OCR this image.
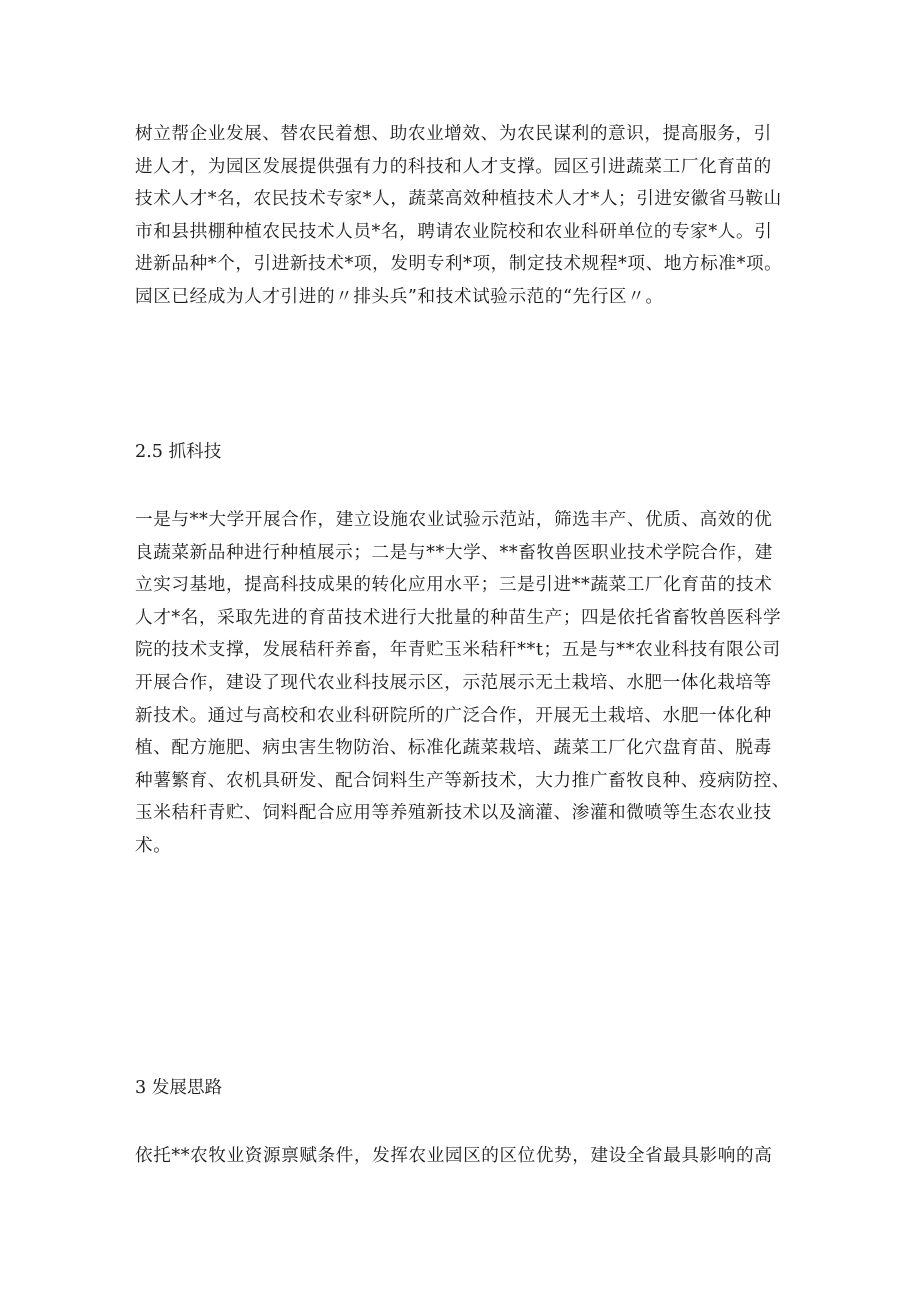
树立帮企业发展、替农民着想、助农业增效、为农民谋利的意识，提高服务，引
进人才，为园区发展提供强有力的科技和人才支撑。园区引进蔬菜工厂化育苗的
技术人才*名，农民技术专家*人，蔬菜高效种植技术人才*人；引进安徽省马鞍山
市和县拱棚种植农民技术人员*名，聘请农业院校和农业科研单位的专家*人。引
进新品种*个，引进新技术*项，发明专利*项，制定技术规程*项、地方标准*项。
园区已经成为人才引进的〃排头兵”和技术试验示范的“先行区〃。
2.5 抓科技
一是与**大学开展合作，建立设施农业试验示范站，筛选丰产、优质、高效的优
良蔬菜新品种进行种植展示；二是与**大学、**畜牧兽医职业技术学院合作，建
立实习基地，提高科技成果的转化应用水平；三是引进**蔬菜工厂化育苗的技术
人才*名，采取先进的育苗技术进行大批量的种苗生产；四是依托省畜牧兽医科学
院的技术支撑，发展秸秆养畜，年青贮玉米秸秆**t；五是与**农业科技有限公司
开展合作，建设了现代农业科技展示区，示范展示无土栽培、水肥一体化栽培等
新技术。通过与高校和农业科研院所的广泛合作，开展无土栽培、水肥一体化种
植、配方施肥、病虫害生物防治、标准化蔬菜栽培、蔬菜工厂化穴盘育苗、脱毒
种薯繁育、农机具研发、配合饲料生产等新技术，大力推广畜牧良种、疫病防控、
玉米秸秆青贮、饲料配合应用等养殖新技术以及滴灌、渗灌和微喷等生态农业技
术。
3 发展思路
依托**农牧业资源禀赋条件，发挥农业园区的区位优势，建设全省最具影响的高
